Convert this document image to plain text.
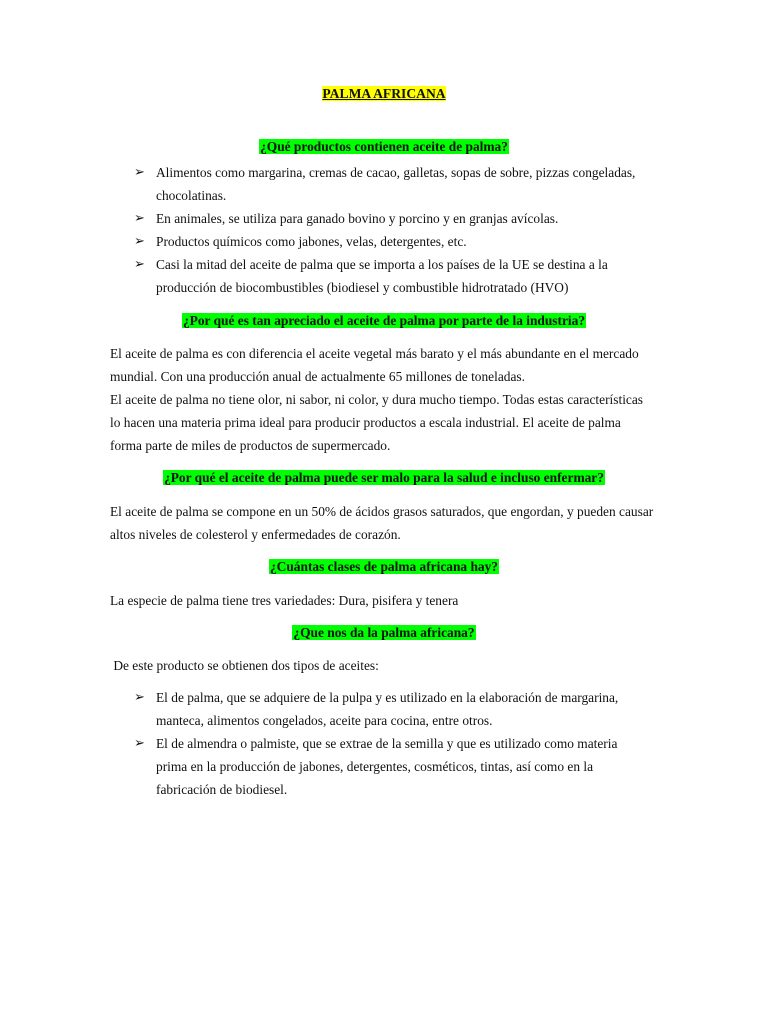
PALMA AFRICANA
¿Qué productos contienen aceite de palma?
➢ Alimentos como margarina, cremas de cacao, galletas, sopas de sobre, pizzas congeladas, chocolatinas.
➢ En animales, se utiliza para ganado bovino y porcino y en granjas avícolas.
➢ Productos químicos como jabones, velas, detergentes, etc.
➢ Casi la mitad del aceite de palma que se importa a los países de la UE se destina a la producción de biocombustibles (biodiesel y combustible hidrotratado (HVO)
¿Por qué es tan apreciado el aceite de palma por parte de la industria?

El aceite de palma es con diferencia el aceite vegetal más barato y el más abundante en el mercado mundial. Con una producción anual de actualmente 65 millones de toneladas.
El aceite de palma no tiene olor, ni sabor, ni color, y dura mucho tiempo. Todas estas características lo hacen una materia prima ideal para producir productos a escala industrial. El aceite de palma forma parte de miles de productos de supermercado.

¿Por qué el aceite de palma puede ser malo para la salud e incluso enfermar?

El aceite de palma se compone en un 50% de ácidos grasos saturados, que engordan, y pueden causar altos niveles de colesterol y enfermedades de corazón.

¿Cuántas clases de palma africana hay?

La especie de palma tiene tres variedades: Dura, pisifera y tenera

¿Que nos da la palma africana?

De este producto se obtienen dos tipos de aceites:

➢ El de palma, que se adquiere de la pulpa y es utilizado en la elaboración de margarina, manteca, alimentos congelados, aceite para cocina, entre otros.
➢ El de almendra o palmiste, que se extrae de la semilla y que es utilizado como materia prima en la producción de jabones, detergentes, cosméticos, tintas, así como en la fabricación de biodiesel.
